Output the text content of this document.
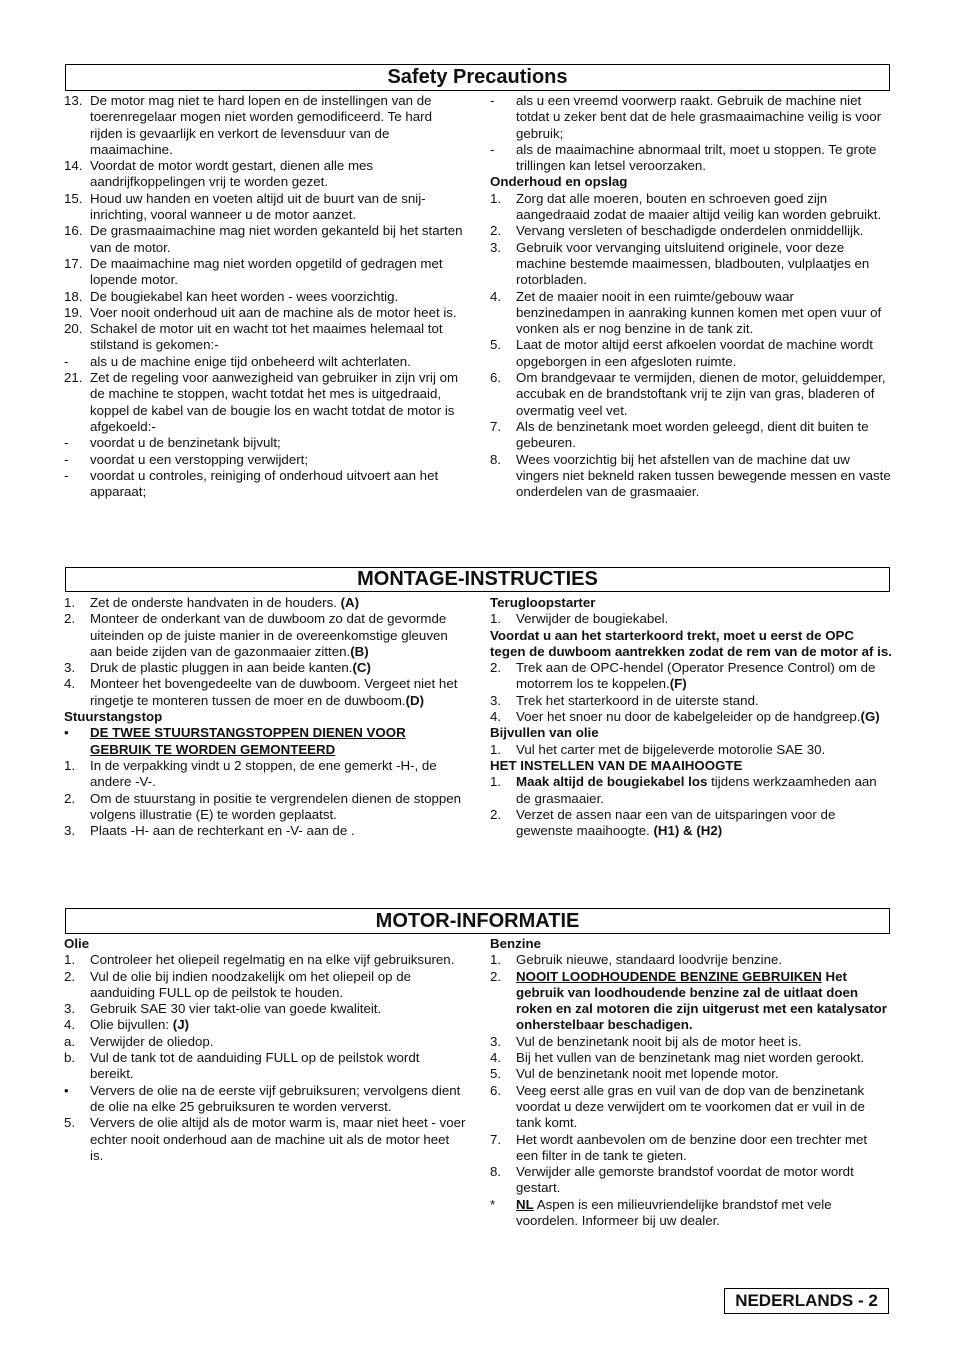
Safety Precautions
13. De motor mag niet te hard lopen en de instellingen van de toerenregelaar mogen niet worden gemodificeerd. Te hard rijden is gevaarlijk en verkort de levensduur van de maaimachine.
14. Voordat de motor wordt gestart, dienen alle mes aandrijfkoppelingen vrij te worden gezet.
15. Houd uw handen en voeten altijd uit de buurt van de snij-inrichting, vooral wanneer u de motor aanzet.
16. De grasmaaimachine mag niet worden gekanteld bij het starten van de motor.
17. De maaimachine mag niet worden opgetild of gedragen met lopende motor.
18. De bougiekabel kan heet worden - wees voorzichtig.
19. Voer nooit onderhoud uit aan de machine als de motor heet is.
20. Schakel de motor uit en wacht tot het maaimes helemaal tot stilstand is gekomen:-
-	als u de machine enige tijd onbeheerd wilt achterlaten.
21. Zet de regeling voor aanwezigheid van gebruiker in zijn vrij om de machine te stoppen, wacht totdat het mes is uitgedraaid, koppel de kabel van de bougie los en wacht totdat de motor is afgekoeld:-
-	voordat u de benzinetank bijvult;
-	voordat u een verstopping verwijdert;
-	voordat u controles, reiniging of onderhoud uitvoert aan het apparaat;
-	als u een vreemd voorwerp raakt. Gebruik de machine niet totdat u zeker bent dat de hele grasmaaimachine veilig is voor gebruik;
-	als de maaimachine abnormaal trilt, moet u stoppen. Te grote trillingen kan letsel veroorzaken.
Onderhoud en opslag
1.	Zorg dat alle moeren, bouten en schroeven goed zijn aangedraaid zodat de maaier altijd veilig kan worden gebruikt.
2.	Vervang versleten of beschadigde onderdelen onmiddellijk.
3.	Gebruik voor vervanging uitsluitend originele, voor deze machine bestemde maaimessen, bladbouten, vulplaatjes en rotorbladen.
4.	Zet de maaier nooit in een ruimte/gebouw waar benzinedampen in aanraking kunnen komen met open vuur of vonken als er nog benzine in de tank zit.
5.	Laat de motor altijd eerst afkoelen voordat de machine wordt opgeborgen in een afgesloten ruimte.
6.	Om brandgevaar te vermijden, dienen de motor, geluiddemper, accubak en de brandstoftank vrij te zijn van gras, bladeren of overmatig veel vet.
7.	Als de benzinetank moet worden geleegd, dient dit buiten te gebeuren.
8.	Wees voorzichtig bij het afstellen van de machine dat uw vingers niet bekneld raken tussen bewegende messen en vaste onderdelen van de grasmaaier.
MONTAGE-INSTRUCTIES
1.	Zet de onderste handvaten in de houders. (A)
2.	Monteer de onderkant van de duwboom zo dat de gevormde uiteinden op de juiste manier in de overeenkomstige gleuven aan beide zijden van de gazonmaaier zitten.(B)
3.	Druk de plastic pluggen in aan beide kanten.(C)
4.	Monteer het bovengedeelte van de duwboom. Vergeet niet het ringetje te monteren tussen de moer en de duwboom.(D)
Stuurstangstop
•	DE TWEE STUURSTANGSTOPPEN DIENEN VOOR GEBRUIK TE WORDEN GEMONTEERD
1.	In de verpakking vindt u 2 stoppen, de ene gemerkt -H-, de andere -V-.
2.	Om de stuurstang in positie te vergrendelen dienen de stoppen volgens illustratie (E) te worden geplaatst.
3.	Plaats -H- aan de rechterkant en -V- aan de .
Terugloopstarter
1.	Verwijder de bougiekabel.
Voordat u aan het starterkoord trekt, moet u eerst de OPC tegen de duwboom aantrekken zodat de rem van de motor af is.
2.	Trek aan de OPC-hendel (Operator Presence Control) om de motorrem los te koppelen.(F)
3.	Trek het starterkoord in de uiterste stand.
4.	Voer het snoer nu door de kabelgeleider op de handgreep.(G)
Bijvullen van olie
1.	Vul het carter met de bijgeleverde motorolie SAE 30.
HET INSTELLEN VAN DE MAAIHOOGTE
1.	Maak altijd de bougiekabel los tijdens werkzaamheden aan de grasmaaier.
2.	Verzet de assen naar een van de uitsparingen voor de gewenste maaihoogte. (H1) & (H2)
MOTOR-INFORMATIE
Olie
1.	Controleer het oliepeil regelmatig en na elke vijf gebruiksuren.
2.	Vul de olie bij indien noodzakelijk om het oliepeil op de aanduiding FULL op de peilstok te houden.
3.	Gebruik SAE 30 vier takt-olie van goede kwaliteit.
4.	Olie bijvullen: (J)
a.	Verwijder de oliedop.
b.	Vul de tank tot de aanduiding FULL op de peilstok wordt bereikt.
•	Ververs de olie na de eerste vijf gebruiksuren; vervolgens dient de olie na elke 25 gebruiksuren te worden ververst.
5.	Ververs de olie altijd als de motor warm is, maar niet heet - voer echter nooit onderhoud aan de machine uit als de motor heet is.
Benzine
1.	Gebruik nieuwe, standaard loodvrije benzine.
2.	NOOIT LOODHOUDENDE BENZINE GEBRUIKEN Het gebruik van loodhoudende benzine zal de uitlaat doen roken en zal motoren die zijn uitgerust met een katalysator onherstelbaar beschadigen.
3.	Vul de benzinetank nooit bij als de motor heet is.
4.	Bij het vullen van de benzinetank mag niet worden gerookt.
5.	Vul de benzinetank nooit met lopende motor.
6.	Veeg eerst alle gras en vuil van de dop van de benzinetank voordat u deze verwijdert om te voorkomen dat er vuil in de tank komt.
7.	Het wordt aanbevolen om de benzine door een trechter met een filter in de tank te gieten.
8.	Verwijder alle gemorste brandstof voordat de motor wordt gestart.
*	NL Aspen is een milieuvriendelijke brandstof met vele voordelen. Informeer bij uw dealer.
NEDERLANDS - 2
